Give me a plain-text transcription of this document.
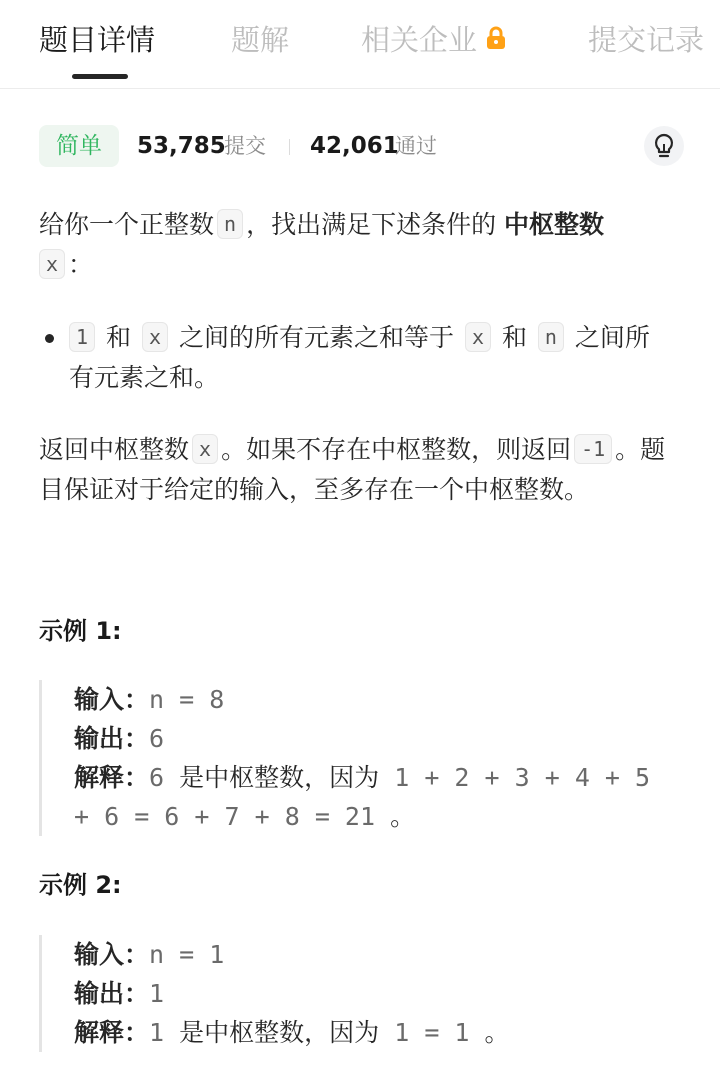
题目详情	题解 相关企业	提交记录
简单	53,785
提交 42,061
通过
给你一个正整数 n ，找出满足下述条件的 中枢整数
x ：
1 和 x 之间的所有元素之和等于 x 和 n 之间所有元素之和。
返回中枢整数 x 。如果不存在中枢整数，则返回 -1 。题目保证对于给定的输入，至多存在一个中枢整数。
示例 1:
输入：n = 8
输出：6
解释：6 是中枢整数，因为 1 + 2 + 3 + 4 + 5 + 6 = 6 + 7 + 8 = 21 。
示例 2:
输入：n = 1
输出：1
解释：1 是中枢整数，因为 1 = 1 。
